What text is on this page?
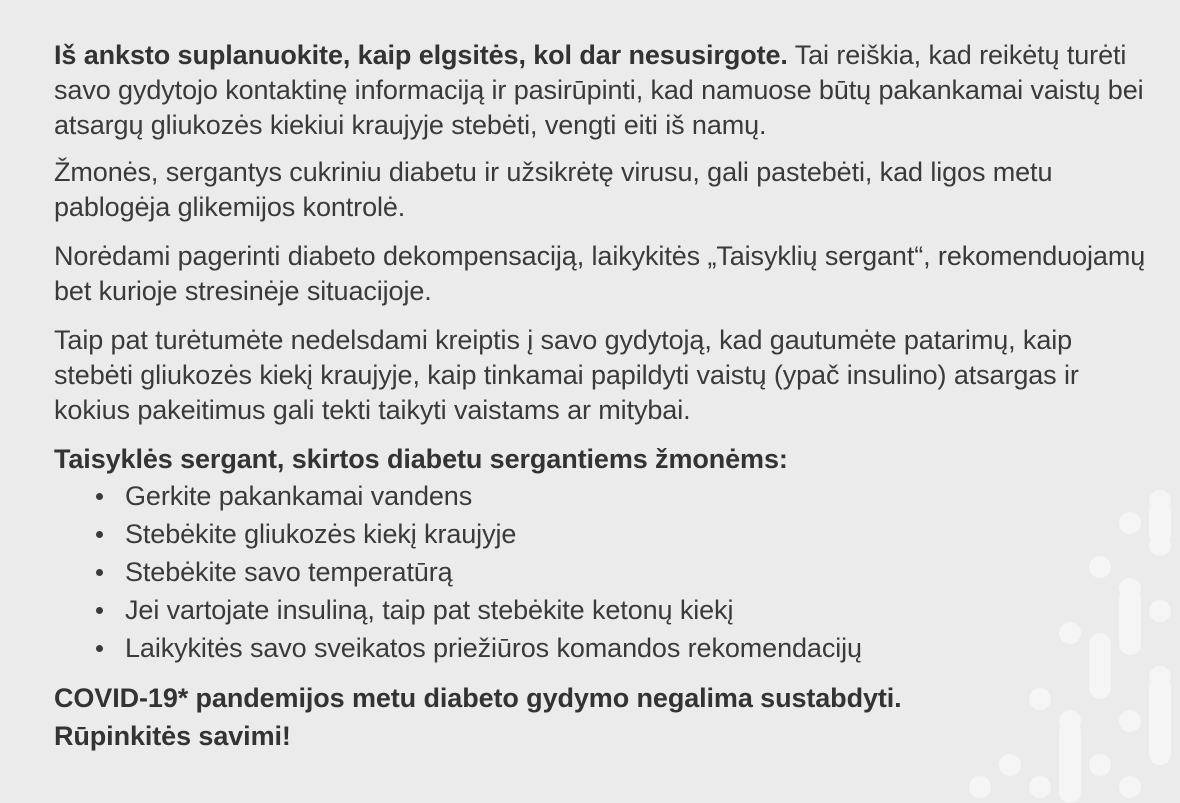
Iš anksto suplanuokite, kaip elgsitės, kol dar nesusirgote. Tai reiškia, kad reikėtų turėti savo gydytojo kontaktinę informaciją ir pasirūpinti, kad namuose būtų pakankamai vaistų bei atsargų gliukozės kiekiui kraujyje stebėti, vengti eiti iš namų.

Žmonės, sergantys cukriniu diabetu ir užsikrėtę virusu, gali pastebėti, kad ligos metu pablogėja glikemijos kontrolė.

Norėdami pagerinti diabeto dekompensaciją, laikykitės „Taisyklių sergant“, rekomenduojamų bet kurioje stresinėje situacijoje.

Taip pat turėtumėte nedelsdami kreiptis į savo gydytoją, kad gautumėte patarimų, kaip stebėti gliukozės kiekį kraujyje, kaip tinkamai papildyti vaistų (ypač insulino) atsargas ir kokius pakeitimus gali tekti taikyti vaistams ar mitybai.

Taisyklės sergant, skirtos diabetu sergantiems žmonėms:

Gerkite pakankamai vandens
Stebėkite gliukozės kiekį kraujyje
Stebėkite savo temperatūrą
Jei vartojate insuliną, taip pat stebėkite ketonų kiekį
Laikykitės savo sveikatos priežiūros komandos rekomendacijų

COVID-19* pandemijos metu diabeto gydymo negalima sustabdyti.
Rūpinkitės savimi!
